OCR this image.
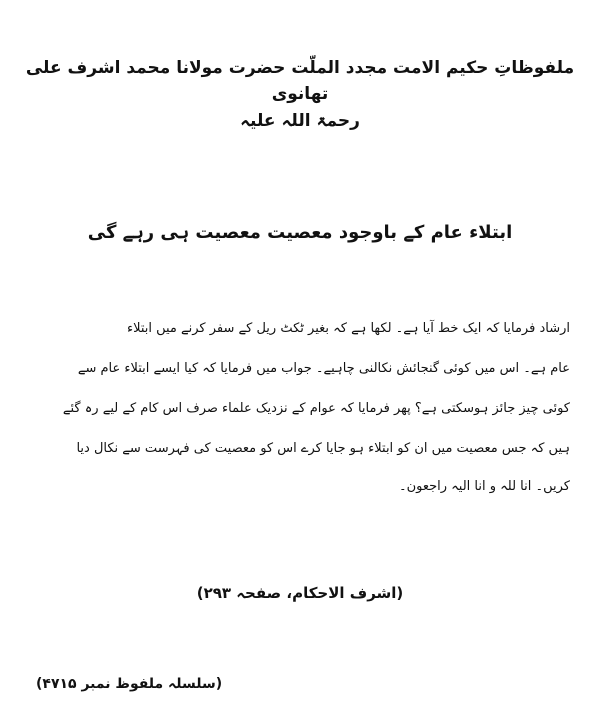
ملفوظاتِ حکیم الامت مجدد الملّت حضرت مولانا محمد اشرف علی تھانوی
رحمۃ اللہ علیہ
ابتلاء عام کے باوجود معصیت معصیت ہی رہے گی
ارشاد فرمایا کہ ایک خط آیا ہے۔ لکھا ہے کہ بغیر ٹکٹ ریل کے سفر کرنے میں ابتلاء
عام ہے۔ اس میں کوئی گنجائش نکالنی چاہیے۔ جواب میں فرمایا کہ کیا ایسے ابتلاء عام سے
کوئی چیز جائز ہوسکتی ہے؟ پھر فرمایا کہ عوام کے نزدیک علماء صرف اس کام کے لیے رہ گئے
ہیں کہ جس معصیت میں ان کو ابتلاء ہو جایا کرے اس کو معصیت کی فہرست سے نکال دیا
کریں۔ انا للہ و انا الیہ راجعون۔
(اشرف الاحکام، صفحہ ۲۹۳)
(سلسلہ ملفوظ نمبر ۴۷۱۵)
